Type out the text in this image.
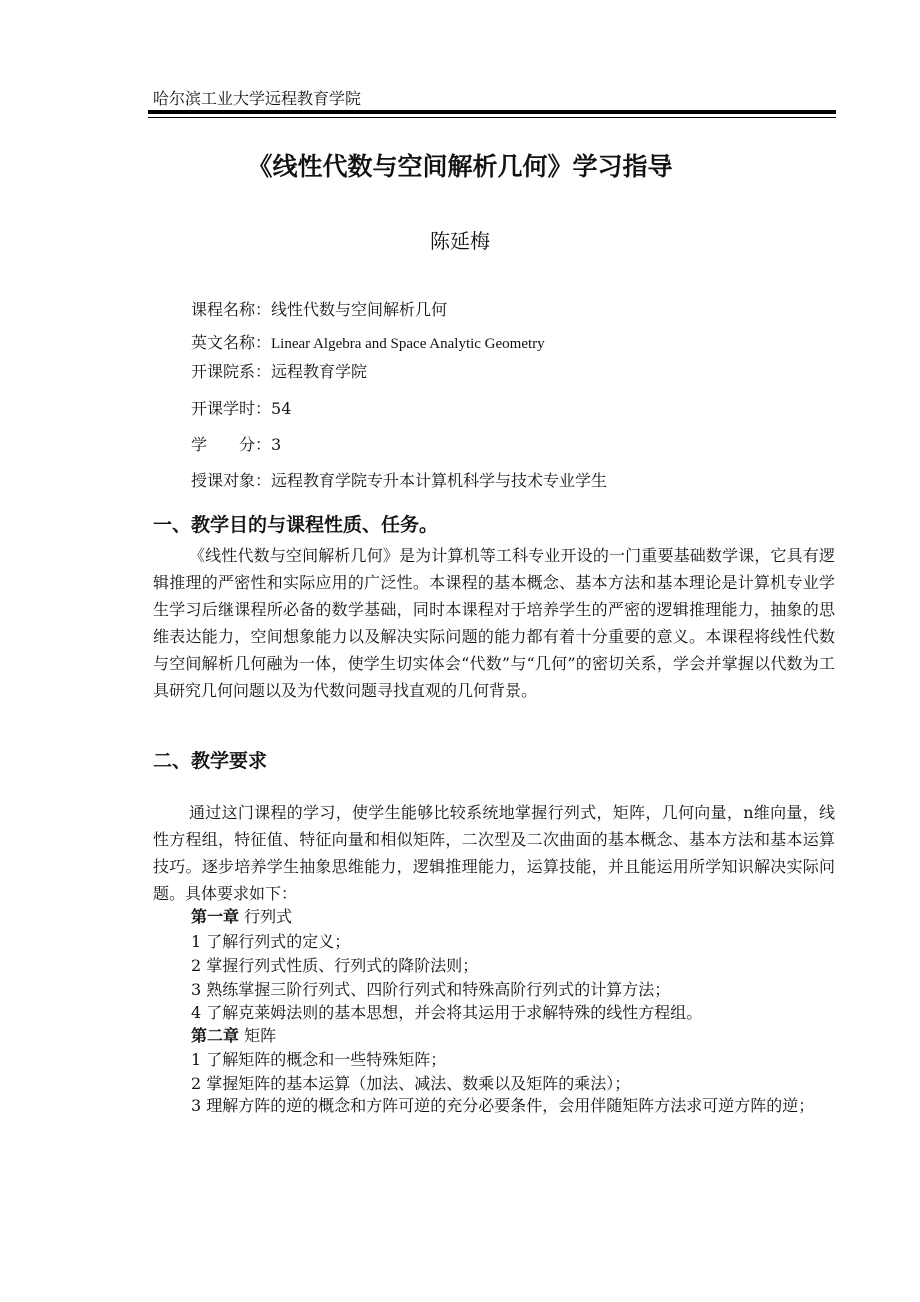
哈尔滨工业大学远程教育学院
《线性代数与空间解析几何》学习指导
陈延梅
课程名称：线性代数与空间解析几何
英文名称：Linear Algebra and Space Analytic Geometry
开课院系：远程教育学院
开课学时：54
学　　分：3
授课对象：远程教育学院专升本计算机科学与技术专业学生
一、教学目的与课程性质、任务。
《线性代数与空间解析几何》是为计算机等工科专业开设的一门重要基础数学课，它具有逻辑推理的严密性和实际应用的广泛性。本课程的基本概念、基本方法和基本理论是计算机专业学生学习后继课程所必备的数学基础，同时本课程对于培养学生的严密的逻辑推理能力，抽象的思维表达能力，空间想象能力以及解决实际问题的能力都有着十分重要的意义。本课程将线性代数与空间解析几何融为一体，使学生切实体会“代数”与“几何”的密切关系，学会并掌握以代数为工具研究几何问题以及为代数问题寻找直观的几何背景。
二、教学要求
通过这门课程的学习，使学生能够比较系统地掌握行列式，矩阵，几何向量，n维向量，线性方程组，特征值、特征向量和相似矩阵，二次型及二次曲面的基本概念、基本方法和基本运算技巧。逐步培养学生抽象思维能力，逻辑推理能力，运算技能，并且能运用所学知识解决实际问题。具体要求如下：
第一章 行列式
1 了解行列式的定义；
2 掌握行列式性质、行列式的降阶法则；
3 熟练掌握三阶行列式、四阶行列式和特殊高阶行列式的计算方法；
4 了解克莱姆法则的基本思想，并会将其运用于求解特殊的线性方程组。
第二章 矩阵
1 了解矩阵的概念和一些特殊矩阵；
2 掌握矩阵的基本运算（加法、减法、数乘以及矩阵的乘法）；
3 理解方阵的逆的概念和方阵可逆的充分必要条件，会用伴随矩阵方法求可逆方阵的逆；
